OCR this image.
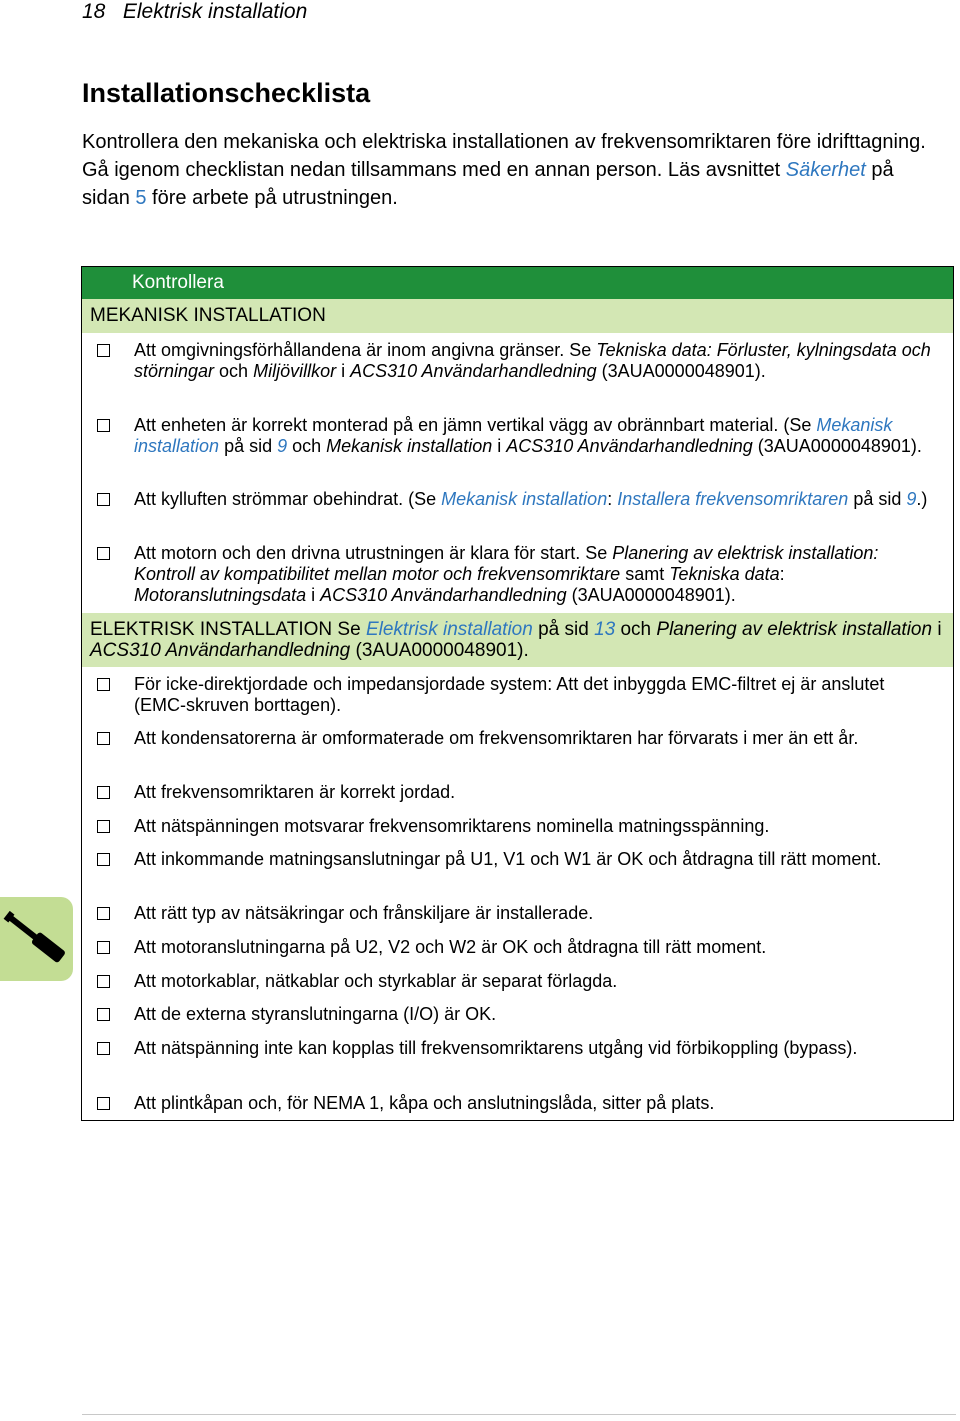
18 Elektrisk installation
Installationschecklista

Kontrollera den mekaniska och elektriska installationen av frekvensomriktaren före idrifttagning. Gå igenom checklistan nedan tillsammans med en annan person. Läs avsnittet Säkerhet på sidan 5 före arbete på utrustningen.

Kontrollera
MEKANISK INSTALLATION
Att omgivningsförhållandena är inom angivna gränser. Se Tekniska data: Förluster, kylningsdata och störningar och Miljövillkor i ACS310 Användarhandledning (3AUA0000048901).
Att enheten är korrekt monterad på en jämn vertikal vägg av obrännbart material. (Se Mekanisk installation på sid 9 och Mekanisk installation i ACS310 Användarhandledning (3AUA0000048901).
Att kylluften strömmar obehindrat. (Se Mekanisk installation: Installera frekvensomriktaren på sid 9.)
Att motorn och den drivna utrustningen är klara för start. Se Planering av elektrisk installation: Kontroll av kompatibilitet mellan motor och frekvensomriktare samt Tekniska data: Motoranslutningsdata i ACS310 Användarhandledning (3AUA0000048901).
ELEKTRISK INSTALLATION Se Elektrisk installation på sid 13 och Planering av elektrisk installation i ACS310 Användarhandledning (3AUA0000048901).
För icke-direktjordade och impedansjordade system: Att det inbyggda EMC-filtret ej är anslutet (EMC-skruven borttagen).
Att kondensatorerna är omformaterade om frekvensomriktaren har förvarats i mer än ett år.
Att frekvensomriktaren är korrekt jordad.
Att nätspänningen motsvarar frekvensomriktarens nominella matningsspänning.
Att inkommande matningsanslutningar på U1, V1 och W1 är OK och åtdragna till rätt moment.
Att rätt typ av nätsäkringar och frånskiljare är installerade.
Att motoranslutningarna på U2, V2 och W2 är OK och åtdragna till rätt moment.
Att motorkablar, nätkablar och styrkablar är separat förlagda.
Att de externa styranslutningarna (I/O) är OK.
Att nätspänning inte kan kopplas till frekvensomriktarens utgång vid förbikoppling (bypass).
Att plintkåpan och, för NEMA 1, kåpa och anslutningslåda, sitter på plats.
